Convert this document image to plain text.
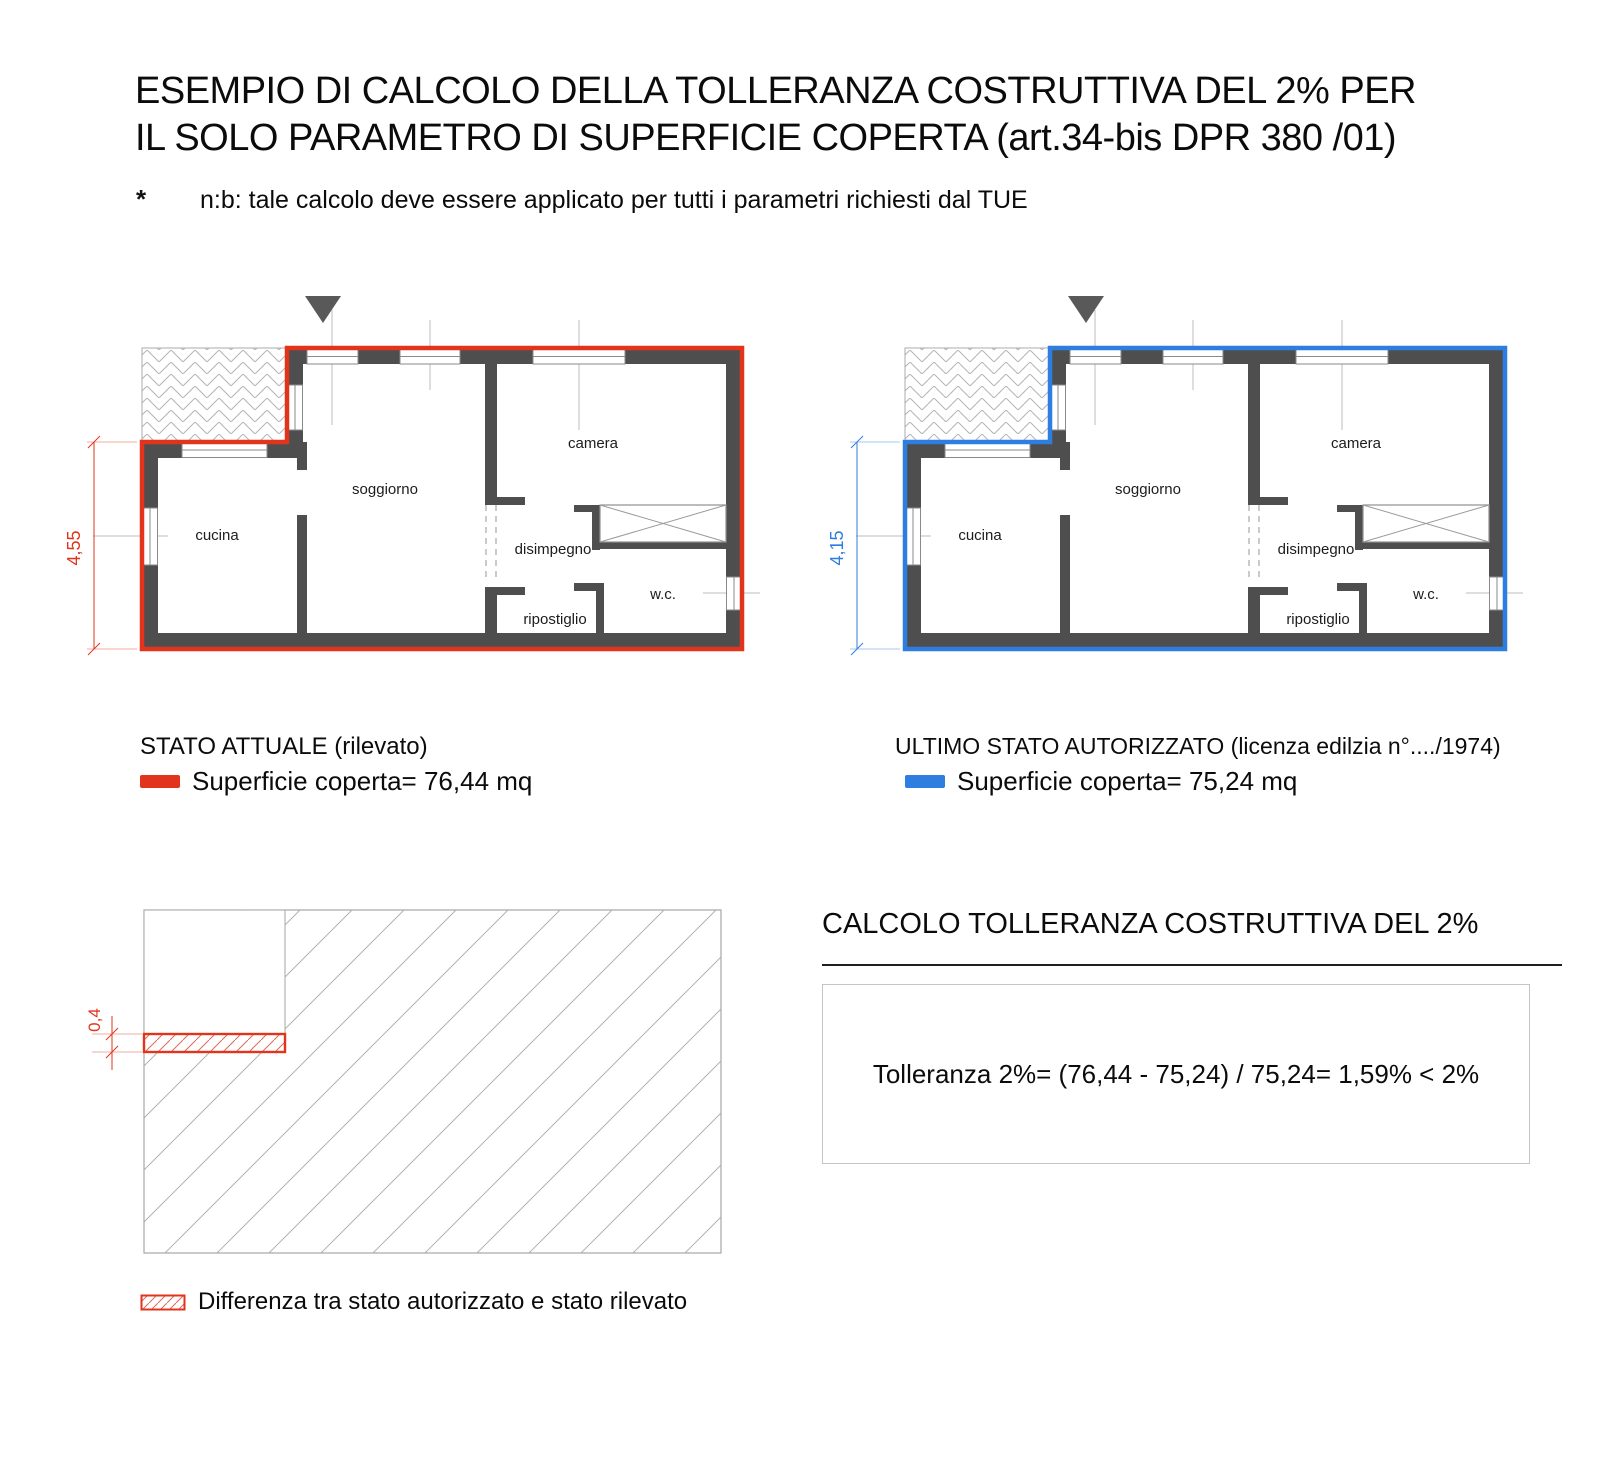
ESEMPIO DI CALCOLO DELLA TOLLERANZA COSTRUTTIVA DEL 2% PER
IL SOLO PARAMETRO DI SUPERFICIE COPERTA (art.34-bis DPR 380 /01)
* n:b: tale calcolo deve essere applicato per tutti i parametri richiesti dal TUE
4,55	cucina
soggiorno
camera
disimpegno
ripostiglio
w.c.
4,15	cucina
soggiorno
camera
disimpegno
ripostiglio
w.c.
STATO ATTUALE (rilevato)
Superficie coperta= 76,44 mq
ULTIMO STATO AUTORIZZATO (licenza edilzia n°..../1974)
Superficie coperta= 75,24 mq
0,4
Differenza tra stato autorizzato e stato rilevato
CALCOLO TOLLERANZA COSTRUTTIVA DEL 2%
Tolleranza 2%= (76,44 - 75,24) / 75,24= 1,59% < 2%
